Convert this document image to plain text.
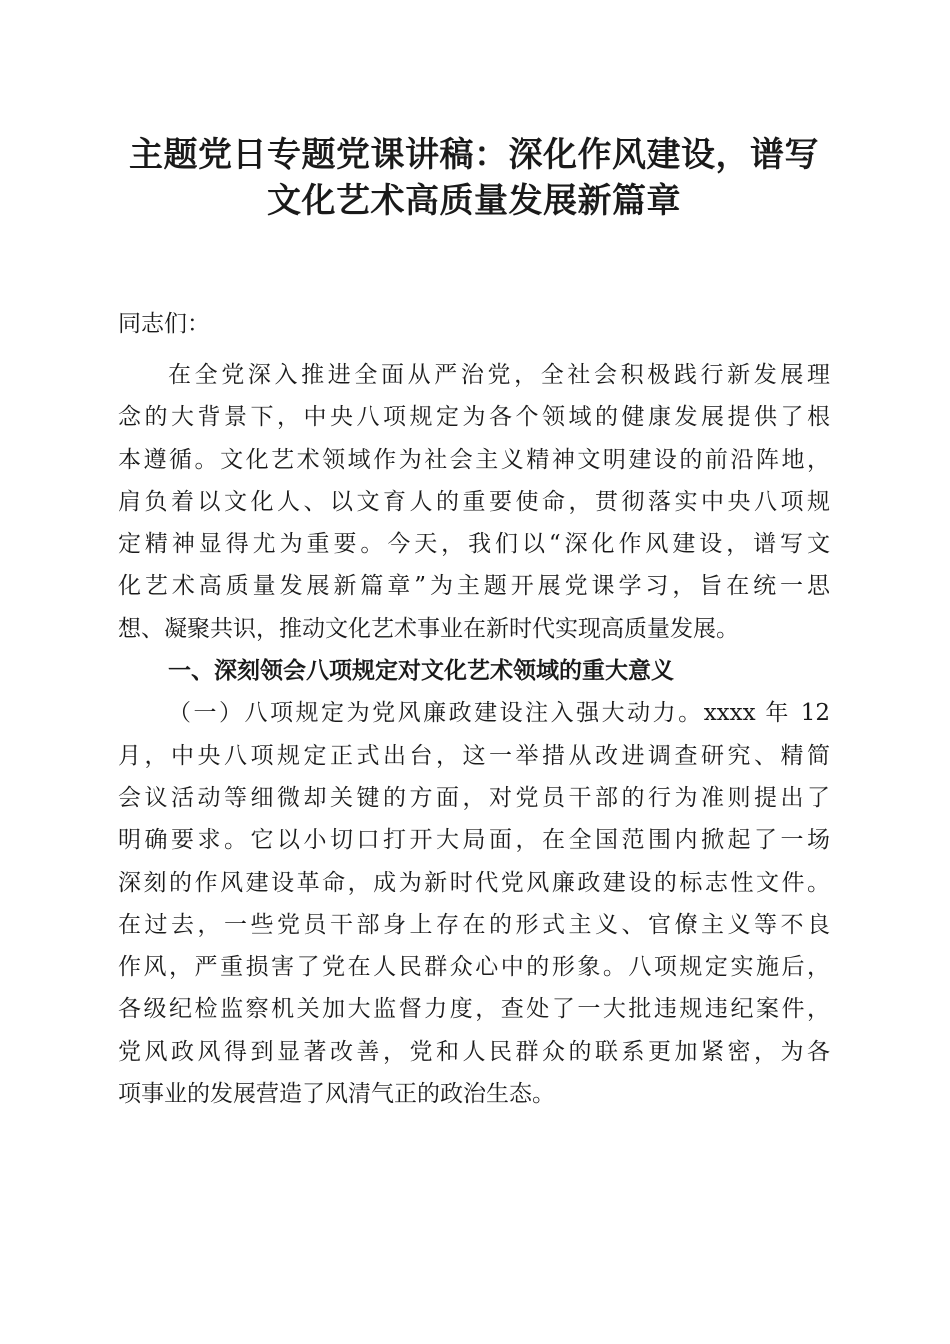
主题党日专题党课讲稿：深化作风建设，谱写
文化艺术高质量发展新篇章
同志们：
在全党深入推进全面从严治党，全社会积极践行新发展理
念的大背景下，中央八项规定为各个领域的健康发展提供了根
本遵循。文化艺术领域作为社会主义精神文明建设的前沿阵地，
肩负着以文化人、以文育人的重要使命，贯彻落实中央八项规
定精神显得尤为重要。今天，我们以“深化作风建设，谱写文
化艺术高质量发展新篇章”为主题开展党课学习，旨在统一思
想、凝聚共识，推动文化艺术事业在新时代实现高质量发展。
一、深刻领会八项规定对文化艺术领域的重大意义
（一）八项规定为党风廉政建设注入强大动力。xxxx 年 12
月，中央八项规定正式出台，这一举措从改进调查研究、精简
会议活动等细微却关键的方面，对党员干部的行为准则提出了
明确要求。它以小切口打开大局面，在全国范围内掀起了一场
深刻的作风建设革命，成为新时代党风廉政建设的标志性文件。
在过去，一些党员干部身上存在的形式主义、官僚主义等不良
作风，严重损害了党在人民群众心中的形象。八项规定实施后，
各级纪检监察机关加大监督力度，查处了一大批违规违纪案件，
党风政风得到显著改善，党和人民群众的联系更加紧密，为各
项事业的发展营造了风清气正的政治生态。
